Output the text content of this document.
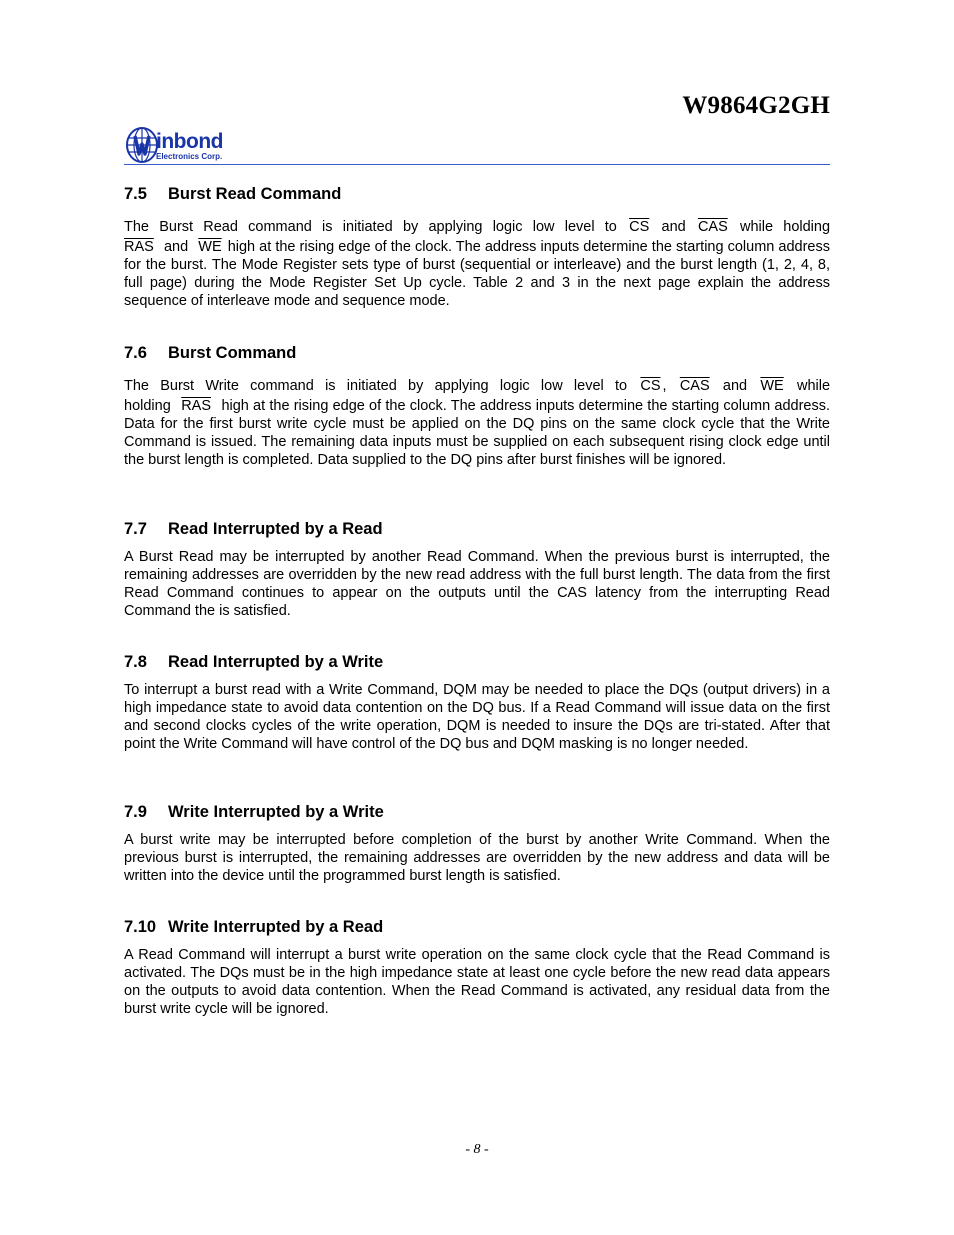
W9864G2GH
inbond
Electronics Corp.
7.5 Burst Read Command

The Burst Read command is initiated by applying logic low level to $\overline{CS}$ and $\overline{CAS}$ while holding
$\overline{RAS}$ and $\overline{WE}$ high at the rising edge of the clock. The address inputs determine the starting column address for the burst. The Mode Register sets type of burst (sequential or interleave) and the burst length (1, 2, 4, 8, full page) during the Mode Register Set Up cycle. Table 2 and 3 in the next page explain the address sequence of interleave mode and sequence mode.

7.6 Burst Command

The Burst Write command is initiated by applying logic low level to $\overline{CS}$ , $\overline{CAS}$ and $\overline{WE}$ while
holding $\overline{RAS}$ high at the rising edge of the clock. The address inputs determine the starting column address. Data for the first burst write cycle must be applied on the DQ pins on the same clock cycle that the Write Command is issued. The remaining data inputs must be supplied on each subsequent rising clock edge until the burst length is completed. Data supplied to the DQ pins after burst finishes will be ignored.

7.7 Read Interrupted by a Read

A Burst Read may be interrupted by another Read Command. When the previous burst is interrupted, the remaining addresses are overridden by the new read address with the full burst length. The data from the first Read Command continues to appear on the outputs until the CAS latency from the interrupting Read Command the is satisfied.

7.8 Read Interrupted by a Write

To interrupt a burst read with a Write Command, DQM may be needed to place the DQs (output drivers) in a high impedance state to avoid data contention on the DQ bus. If a Read Command will issue data on the first and second clocks cycles of the write operation, DQM is needed to insure the DQs are tri-stated. After that point the Write Command will have control of the DQ bus and DQM masking is no longer needed.

7.9 Write Interrupted by a Write

A burst write may be interrupted before completion of the burst by another Write Command. When the previous burst is interrupted, the remaining addresses are overridden by the new address and data will be written into the device until the programmed burst length is satisfied.

7.10 Write Interrupted by a Read

A Read Command will interrupt a burst write operation on the same clock cycle that the Read Command is activated. The DQs must be in the high impedance state at least one cycle before the new read data appears on the outputs to avoid data contention. When the Read Command is activated, any residual data from the burst write cycle will be ignored.

- 8 -
